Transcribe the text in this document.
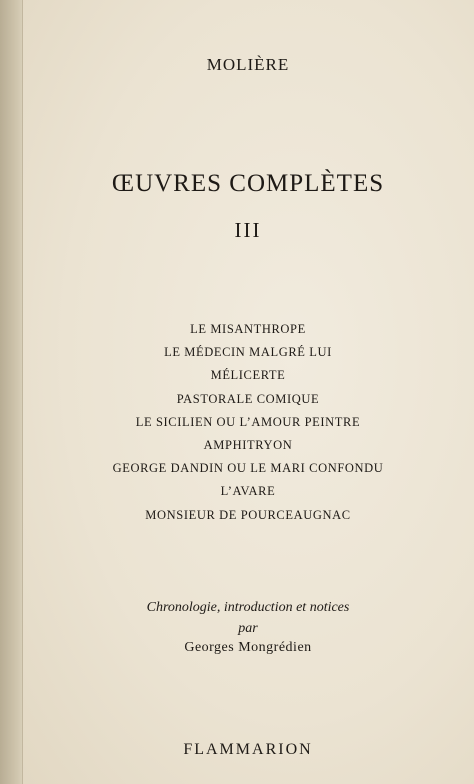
MOLIÈRE
ŒUVRES COMPLÈTES
III
LE MISANTHROPE
LE MÉDECIN MALGRÉ LUI
MÉLICERTE
PASTORALE COMIQUE
LE SICILIEN OU L’AMOUR PEINTRE
AMPHITRYON
GEORGE DANDIN OU LE MARI CONFONDU
L’AVARE
MONSIEUR DE POURCEAUGNAC
Chronologie, introduction et notices
par
Georges Mongrédien
FLAMMARION
